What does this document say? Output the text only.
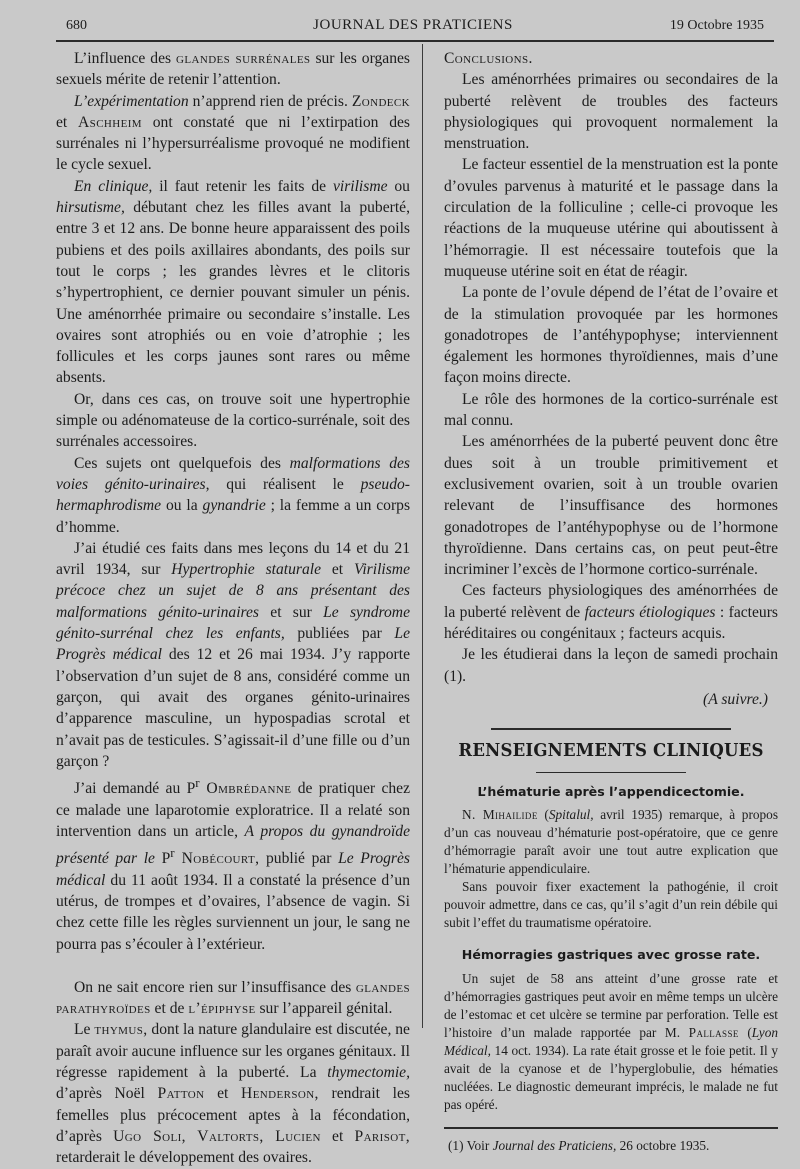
680	JOURNAL DES PRATICIENS	19 Octobre 1935

L’influence des glandes surrénales sur les organes sexuels mérite de retenir l’attention.

L’expérimentation n’apprend rien de précis. Zondeck et Aschheim ont constaté que ni l’extirpation des surrénales ni l’hypersurréalisme provoqué ne modifient le cycle sexuel.

En clinique, il faut retenir les faits de virilisme ou hirsutisme, débutant chez les filles avant la puberté, entre 3 et 12 ans. De bonne heure apparaissent des poils pubiens et des poils axillaires abondants, des poils sur tout le corps ; les grandes lèvres et le clitoris s’hypertrophient, ce dernier pouvant simuler un pénis. Une aménorrhée primaire ou secondaire s’installe. Les ovaires sont atrophiés ou en voie d’atrophie ; les follicules et les corps jaunes sont rares ou même absents.

Or, dans ces cas, on trouve soit une hypertrophie simple ou adénomateuse de la cortico-surrénale, soit des surrénales accessoires.

Ces sujets ont quelquefois des malformations des voies génito-urinaires, qui réalisent le pseudo-hermaphrodisme ou la gynandrie ; la femme a un corps d’homme.

J’ai étudié ces faits dans mes leçons du 14 et du 21 avril 1934, sur Hypertrophie staturale et Virilisme précoce chez un sujet de 8 ans présentant des malformations génito-urinaires et sur Le syndrome génito-surrénal chez les enfants, publiées par Le Progrès médical des 12 et 26 mai 1934. J’y rapporte l’observation d’un sujet de 8 ans, considéré comme un garçon, qui avait des organes génito-urinaires d’apparence masculine, un hypospadias scrotal et n’avait pas de testicules. S’agissait-il d’une fille ou d’un garçon ?

J’ai demandé au $P^r$ Ombrédanne de pratiquer chez ce malade une laparotomie exploratrice. Il a relaté son intervention dans un article, A propos du gynandroïde présenté par le $P^r$ Nobécourt, publié par Le Progrès médical du 11 août 1934. Il a constaté la présence d’un utérus, de trompes et d’ovaires, l’absence de vagin. Si chez cette fille les règles surviennent un jour, le sang ne pourra pas s’écouler à l’extérieur.

On ne sait encore rien sur l’insuffisance des glandes parathyroïdes et de l’épiphyse sur l’appareil génital.

Le thymus, dont la nature glandulaire est discutée, ne paraît avoir aucune influence sur les organes génitaux. Il régresse rapidement à la puberté. La thymectomie, d’après Noël Patton et Henderson, rendrait les femelles plus précocement aptes à la fécondation, d’après Ugo Soli, Valtorts, Lucien et Parisot, retarderait le développement des ovaires.

Conclusions.

Les aménorrhées primaires ou secondaires de la puberté relèvent de troubles des facteurs physiologiques qui provoquent normalement la menstruation.

Le facteur essentiel de la menstruation est la ponte d’ovules parvenus à maturité et le passage dans la circulation de la folliculine ; celle-ci provoque les réactions de la muqueuse utérine qui aboutissent à l’hémorragie. Il est nécessaire toutefois que la muqueuse utérine soit en état de réagir.

La ponte de l’ovule dépend de l’état de l’ovaire et de la stimulation provoquée par les hormones gonadotropes de l’antéhypophyse; interviennent également les hormones thyroïdiennes, mais d’une façon moins directe.

Le rôle des hormones de la cortico-surrénale est mal connu.

Les aménorrhées de la puberté peuvent donc être dues soit à un trouble primitivement et exclusivement ovarien, soit à un trouble ovarien relevant de l’insuffisance des hormones gonadotropes de l’antéhypophyse ou de l’hormone thyroïdienne. Dans certains cas, on peut peut-être incriminer l’excès de l’hormone cortico-surrénale.

Ces facteurs physiologiques des aménorrhées de la puberté relèvent de facteurs étiologiques : facteurs héréditaires ou congénitaux ; facteurs acquis.

Je les étudierai dans la leçon de samedi prochain (1).

(A suivre.)
RENSEIGNEMENTS CLINIQUES
L’hématurie après l’appendicectomie.

N. Mihailide (Spitalul, avril 1935) remarque, à propos d’un cas nouveau d’hématurie post-opératoire, que ce genre d’hémorragie paraît avoir une tout autre explication que l’hématurie appendiculaire.

Sans pouvoir fixer exactement la pathogénie, il croit pouvoir admettre, dans ce cas, qu’il s’agit d’un rein débile qui subit l’effet du traumatisme opératoire.

Hémorragies gastriques avec grosse rate.

Un sujet de 58 ans atteint d’une grosse rate et d’hémorragies gastriques peut avoir en même temps un ulcère de l’estomac et cet ulcère se termine par perforation. Telle est l’histoire d’un malade rapportée par M. Pallasse (Lyon Médical, 14 oct. 1934). La rate était grosse et le foie petit. Il y avait de la cyanose et de l’hyperglobulie, des hématies nucléées. Le diagnostic demeurant imprécis, le malade ne fut pas opéré.

(1) Voir Journal des Praticiens, 26 octobre 1935.
